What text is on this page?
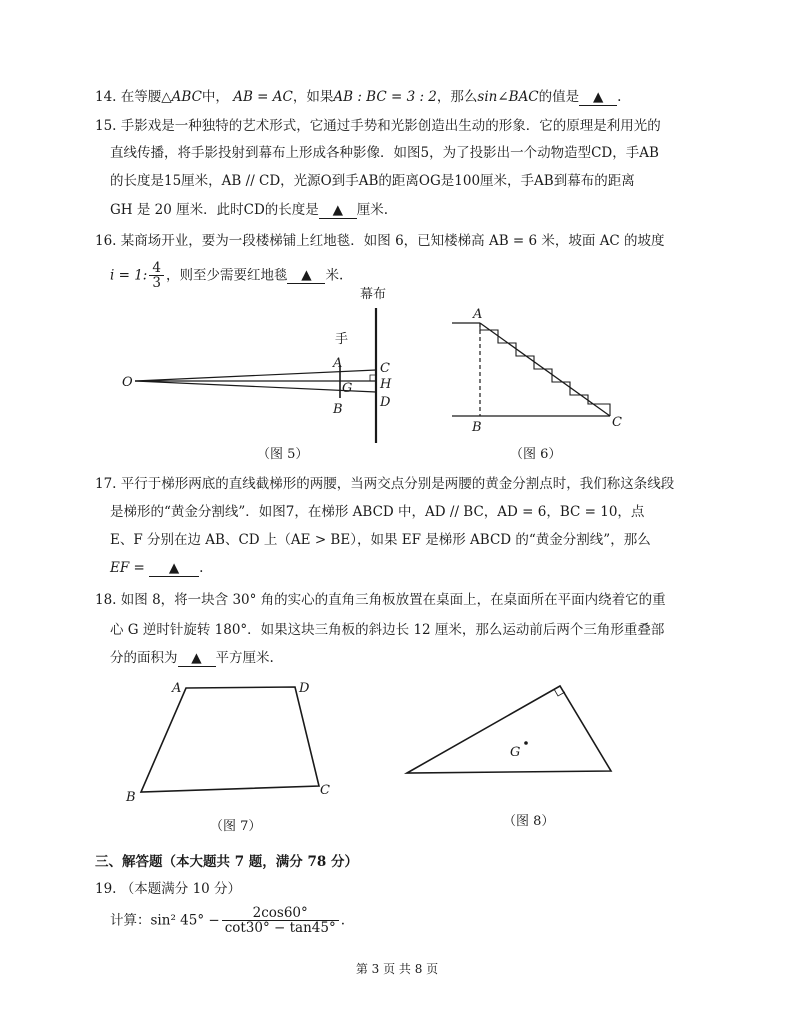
14. 在等腰△ABC中， AB = AC，如果AB : BC = 3 : 2，那么sin∠BAC的值是 ▲ .
15. 手影戏是一种独特的艺术形式，它通过手势和光影创造出生动的形象．它的原理是利用光的
直线传播，将手影投射到幕布上形成各种影像．如图5，为了投影出一个动物造型CD，手AB
的长度是15厘米，AB // CD，光源O到手AB的距离OG是100厘米，手AB到幕布的距离
GH 是 20 厘米．此时CD的长度是 ▲ 厘米.
16. 某商场开业，要为一段楼梯铺上红地毯．如图 6，已知楼梯高 AB = 6 米，坡面 AC 的坡度
i = 1: $\frac{4}{3}$ ，则至少需要红地毯 ▲ 米.
幕布
手
O
A
G
B
C
H
D
（图 5）
A
B	C
（图 6）
17. 平行于梯形两底的直线截梯形的两腰，当两交点分别是两腰的黄金分割点时，我们称这条线段
是梯形的“黄金分割线”．如图7，在梯形 ABCD 中，AD // BC，AD = 6，BC = 10，点
E、F 分别在边 AB、CD 上（AE > BE），如果 EF 是梯形 ABCD 的“黄金分割线”，那么
EF = ▲ .
18. 如图 8，将一块含 30° 角的实心的直角三角板放置在桌面上，在桌面所在平面内绕着它的重
心 G 逆时针旋转 180°．如果这块三角板的斜边长 12 厘米，那么运动前后两个三角形重叠部
分的面积为 ▲ 平方厘米.
A	D
B	C
（图 7）
G
（图 8）
三、解答题（本大题共 7 题，满分 78 分）
19. （本题满分 10 分）
计算：sin² $45^\circ - \frac{2\cos 60^\circ}{\cot 30^\circ - \tan 45^\circ}$ .
第 3 页 共 8 页
